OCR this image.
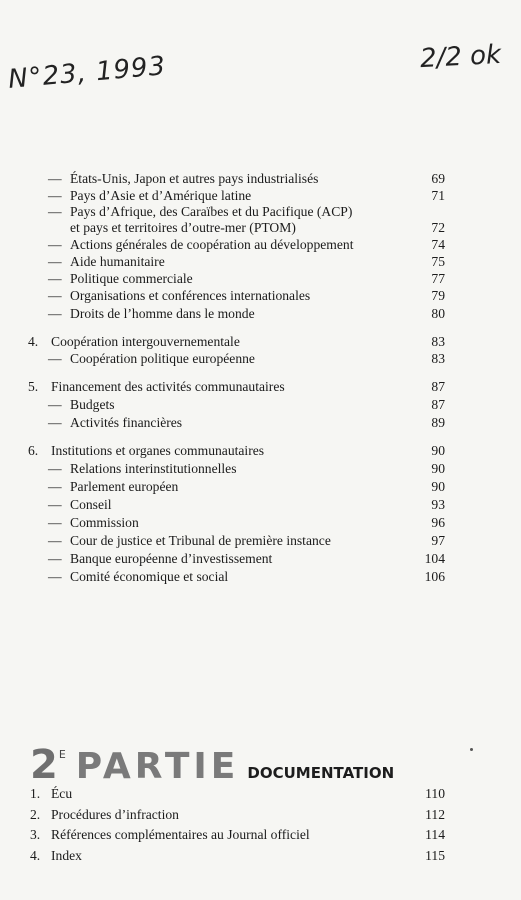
N°23, 1993	2/2 ok
— États-Unis, Japon et autres pays industrialisés	69
— Pays d’Asie et d’Amérique latine	71
— Pays d’Afrique, des Caraïbes et du Pacifique (ACP)
et pays et territoires d’outre-mer (PTOM)	72
— Actions générales de coopération au développement	74
— Aide humanitaire	75
— Politique commerciale	77
— Organisations et conférences internationales	79
— Droits de l’homme dans le monde	80
4. Coopération intergouvernementale	83
— Coopération politique européenne	83
5. Financement des activités communautaires	87
— Budgets	87
— Activités financières	89
6. Institutions et organes communautaires	90
— Relations interinstitutionnelles	90
— Parlement européen	90
— Conseil	93
— Commission	96
— Cour de justice et Tribunal de première instance	97
— Banque européenne d’investissement	104
— Comité économique et social	106
$2^E$ PARTIE DOCUMENTATION
1. Écu	110
2. Procédures d’infraction	112
3. Références complémentaires au Journal officiel	114
4. Index	115
